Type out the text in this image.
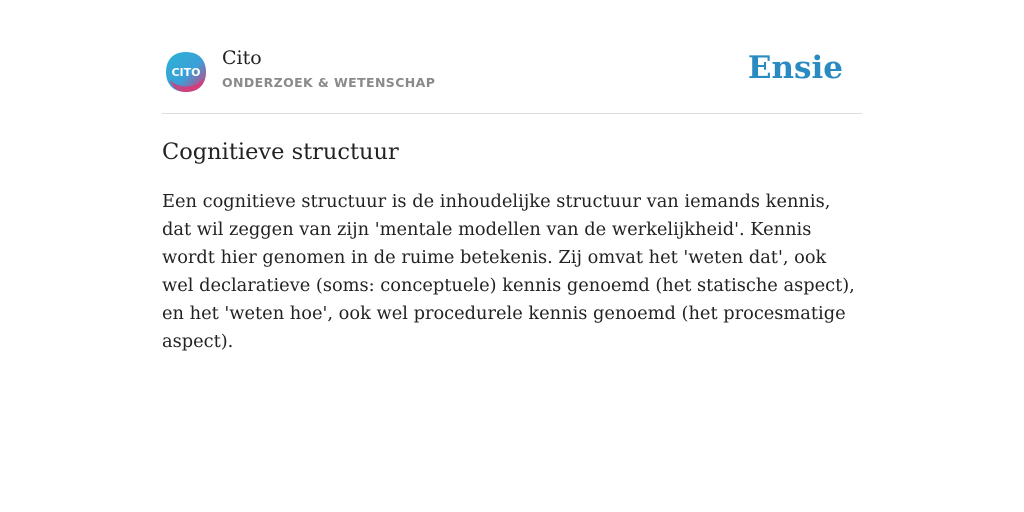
CITO
Cito
ONDERZOEK & WETENSCHAP	Ensie
Cognitieve structuur

Een cognitieve structuur is de inhoudelijke structuur van iemands kennis, dat wil zeggen van zijn 'mentale modellen van de werkelijkheid'. Kennis wordt hier genomen in de ruime betekenis. Zij omvat het 'weten dat', ook wel declaratieve (soms: conceptuele) kennis genoemd (het statische aspect), en het 'weten hoe', ook wel procedurele kennis genoemd (het procesmatige aspect).
